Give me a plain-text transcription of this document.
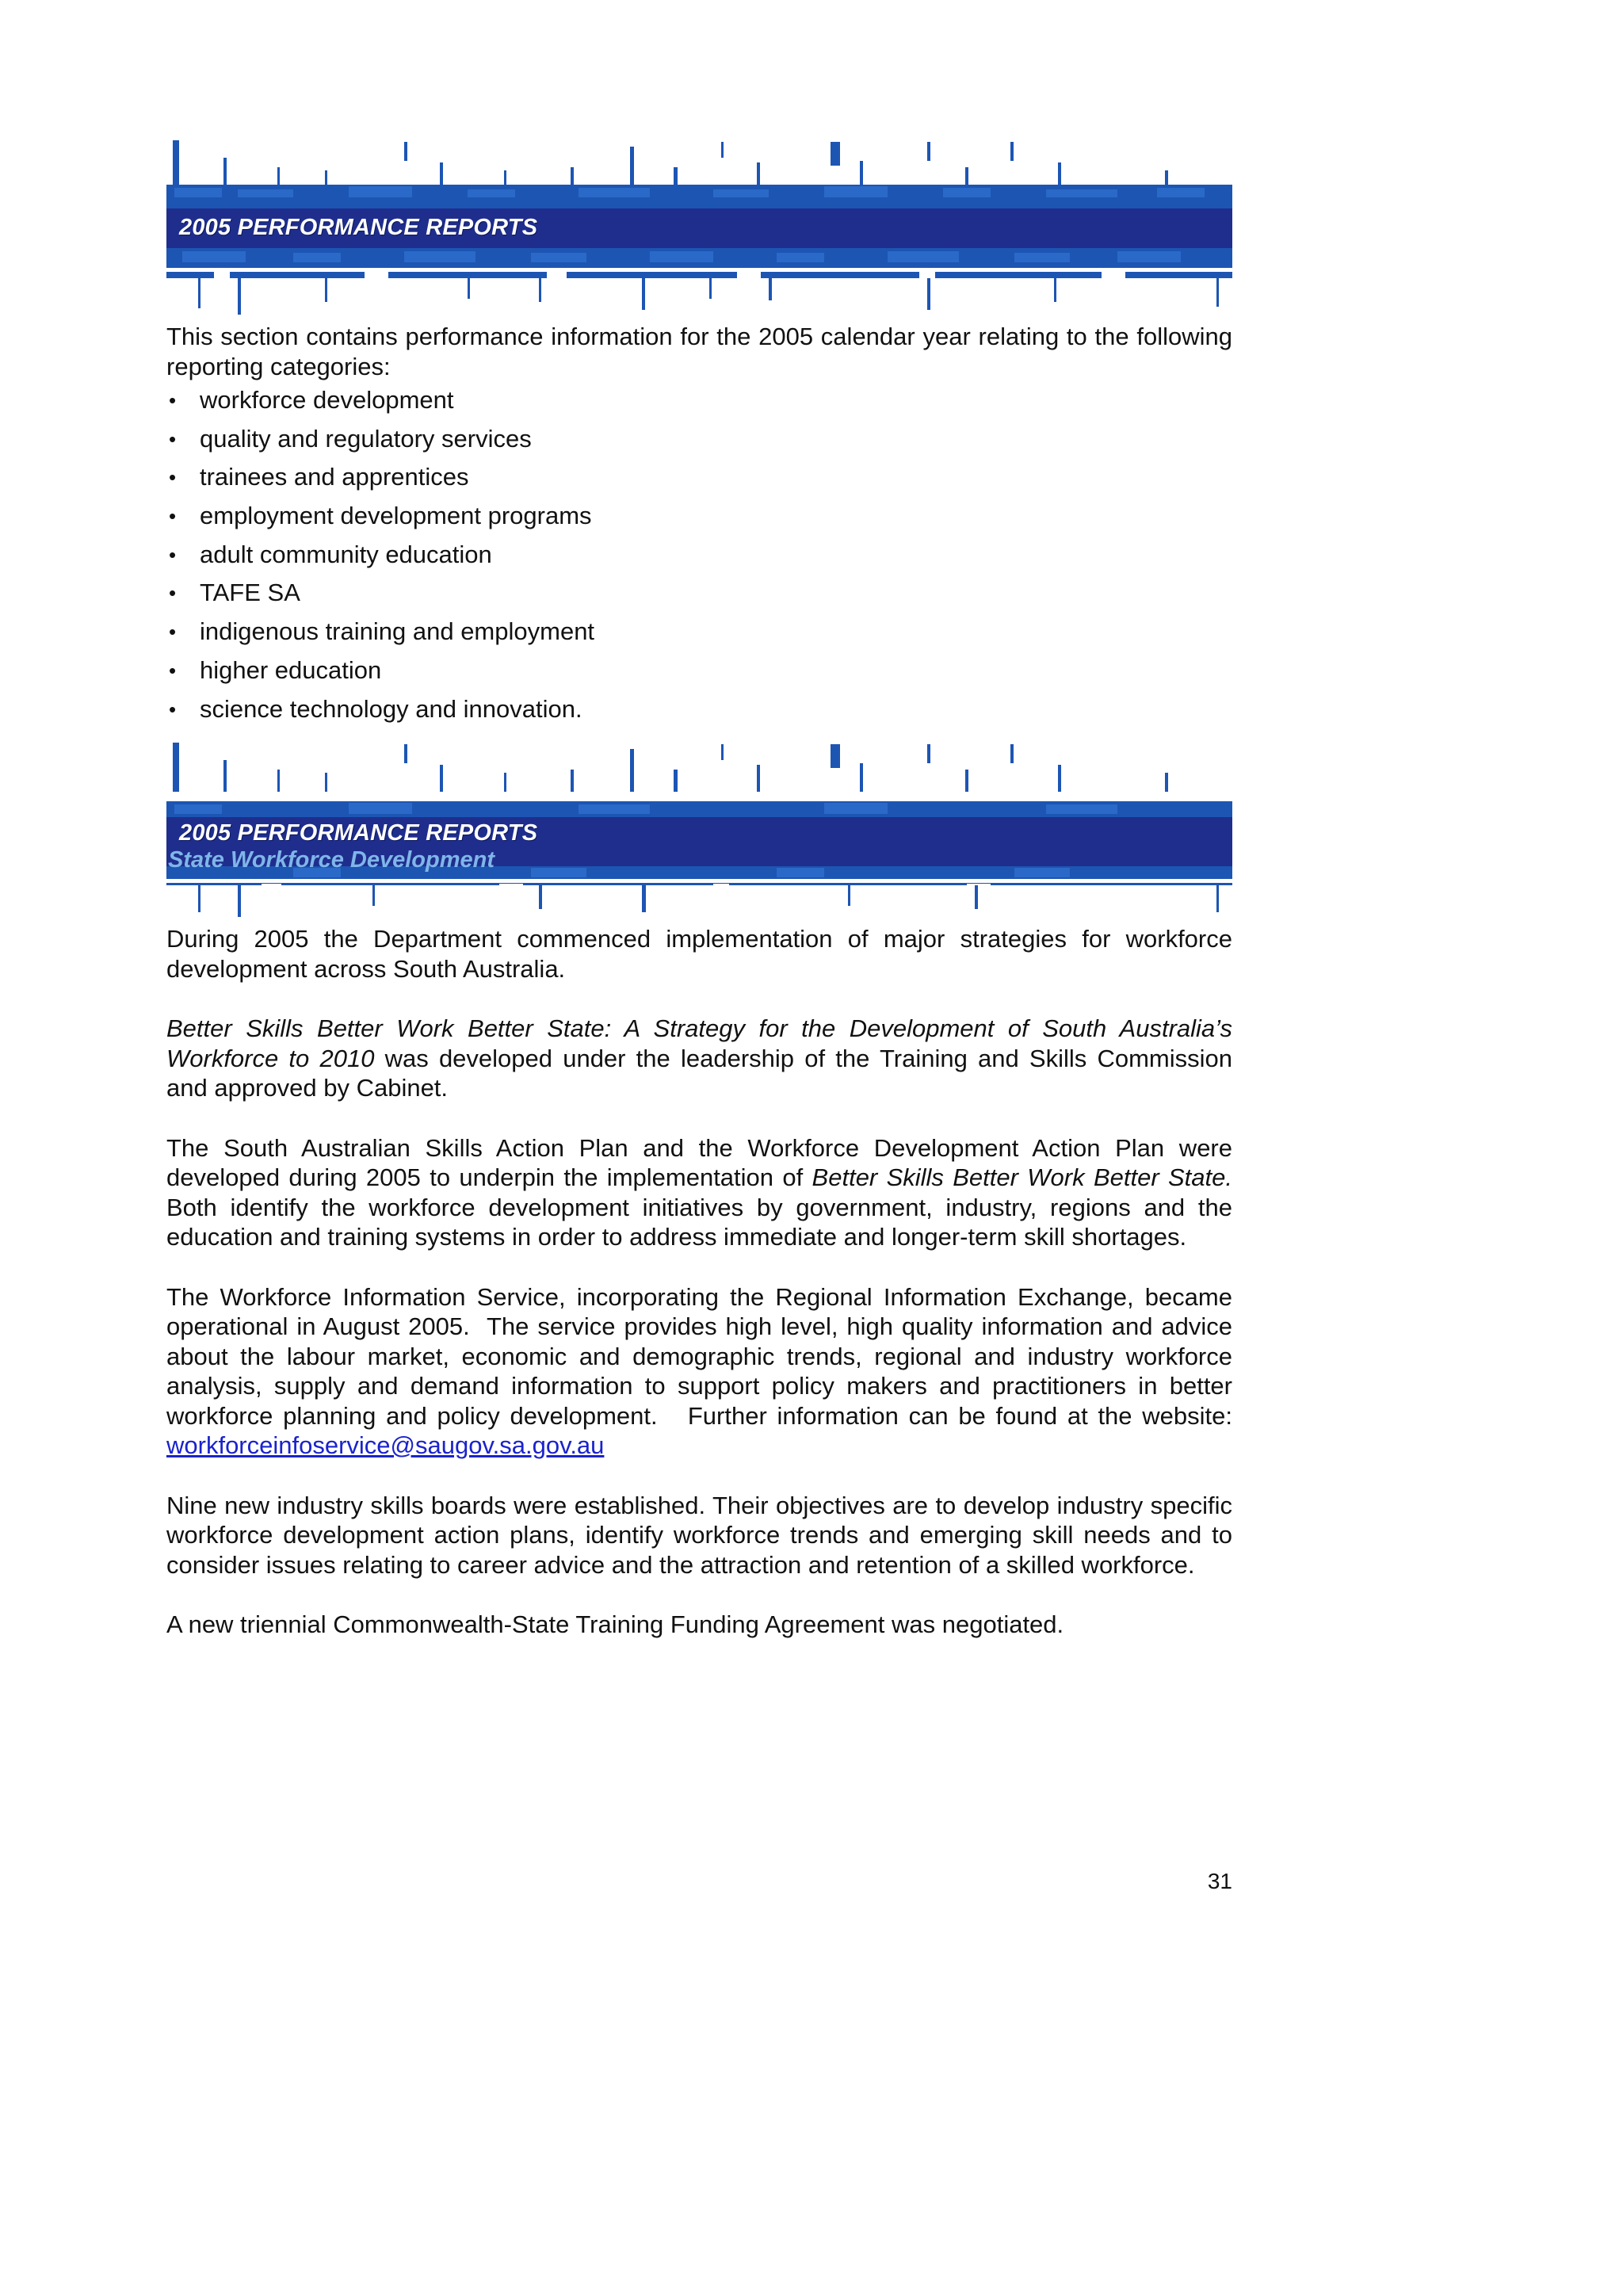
2005 PERFORMANCE REPORTS

This section contains performance information for the 2005 calendar year relating to the following reporting categories:

• workforce development
• quality and regulatory services
• trainees and apprentices
• employment development programs
• adult community education
• TAFE SA
• indigenous training and employment
• higher education
• science technology and innovation.
2005 PERFORMANCE REPORTS
State Workforce Development

During 2005 the Department commenced implementation of major strategies for workforce development across South Australia.

Better Skills Better Work Better State: A Strategy for the Development of South Australia’s Workforce to 2010 was developed under the leadership of the Training and Skills Commission and approved by Cabinet.

The South Australian Skills Action Plan and the Workforce Development Action Plan were developed during 2005 to underpin the implementation of Better Skills Better Work Better State.  Both identify the workforce development initiatives by government, industry, regions and the education and training systems in order to address immediate and longer-term skill shortages.

The Workforce Information Service, incorporating the Regional Information Exchange, became operational in August 2005.  The service provides high level, high quality information and advice about the labour market, economic and demographic trends, regional and industry workforce analysis, supply and demand information to support policy makers and practitioners in better workforce planning and policy development.   Further information can be found at the website:  workforceinfoservice@saugov.sa.gov.au

Nine new industry skills boards were established. Their objectives are to develop industry specific workforce development action plans, identify workforce trends and emerging skill needs and to consider issues relating to career advice and the attraction and retention of a skilled workforce.

A new triennial Commonwealth-State Training Funding Agreement was negotiated.

31
